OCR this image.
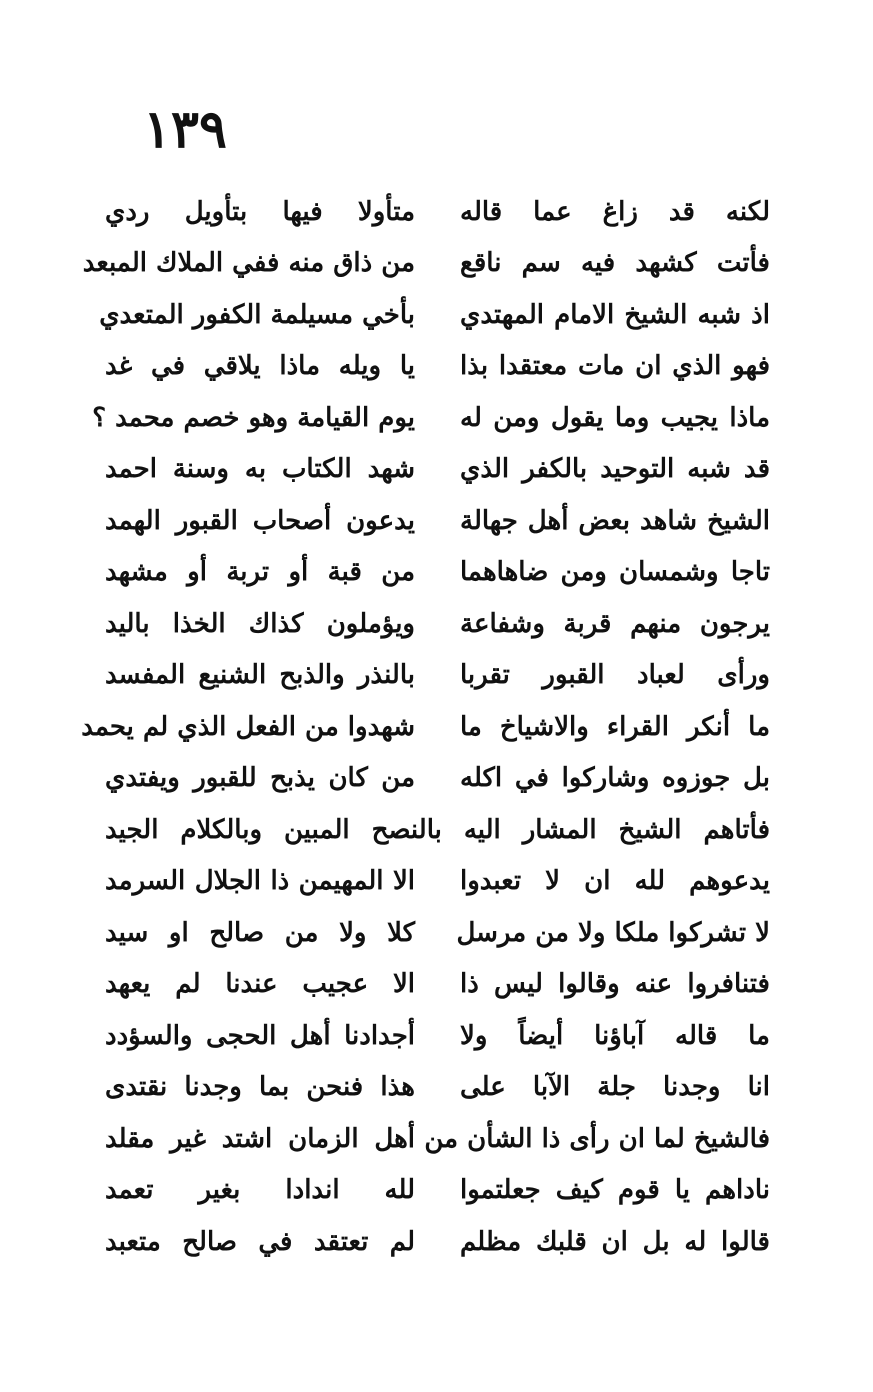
١٣٩
لكنه قد زاغ عما قاله
متأولا فيها بتأويل ردي
فأتت كشهد فيه سم ناقع
من ذاق منه ففي الملاك المبعد
اذ شبه الشيخ الامام المهتدي
بأخي مسيلمة الكفور المتعدي
فهو الذي ان مات معتقدا بذا
يا ويله ماذا يلاقي في غد
ماذا يجيب وما يقول ومن له
يوم القيامة وهو خصم محمد ؟
قد شبه التوحيد بالكفر الذي
شهد الكتاب به وسنة احمد
الشيخ شاهد بعض أهل جهالة
يدعون أصحاب القبور الهمد
تاجا وشمسان ومن ضاهاهما
من قبة أو تربة أو مشهد
يرجون منهم قربة وشفاعة
ويؤملون كذاك الخذا باليد
ورأى لعباد القبور تقربا
بالنذر والذبح الشنيع المفسد
ما أنكر القراء والاشياخ ما
شهدوا من الفعل الذي لم يحمد
بل جوزوه وشاركوا في اكله
من كان يذبح للقبور ويفتدي
فأتاهم الشيخ المشار اليه بالنصح المبين وبالكلام الجيد
يدعوهم لله ان لا تعبدوا
الا المهيمن ذا الجلال السرمد
لا تشركوا ملكا ولا من مرسل
كلا ولا من صالح او سيد
فتنافروا عنه وقالوا ليس ذا
الا عجيب عندنا لم يعهد
ما قاله آباؤنا أيضاً ولا
أجدادنا أهل الحجى والسؤدد
انا وجدنا جلة الآبا على
هذا فنحن بما وجدنا نقتدى
فالشيخ لما ان رأى ذا الشأن من
أهل الزمان اشتد غير مقلد
ناداهم يا قوم كيف جعلتموا
لله اندادا بغير تعمد
قالوا له بل ان قلبك مظلم
لم تعتقد في صالح متعبد
